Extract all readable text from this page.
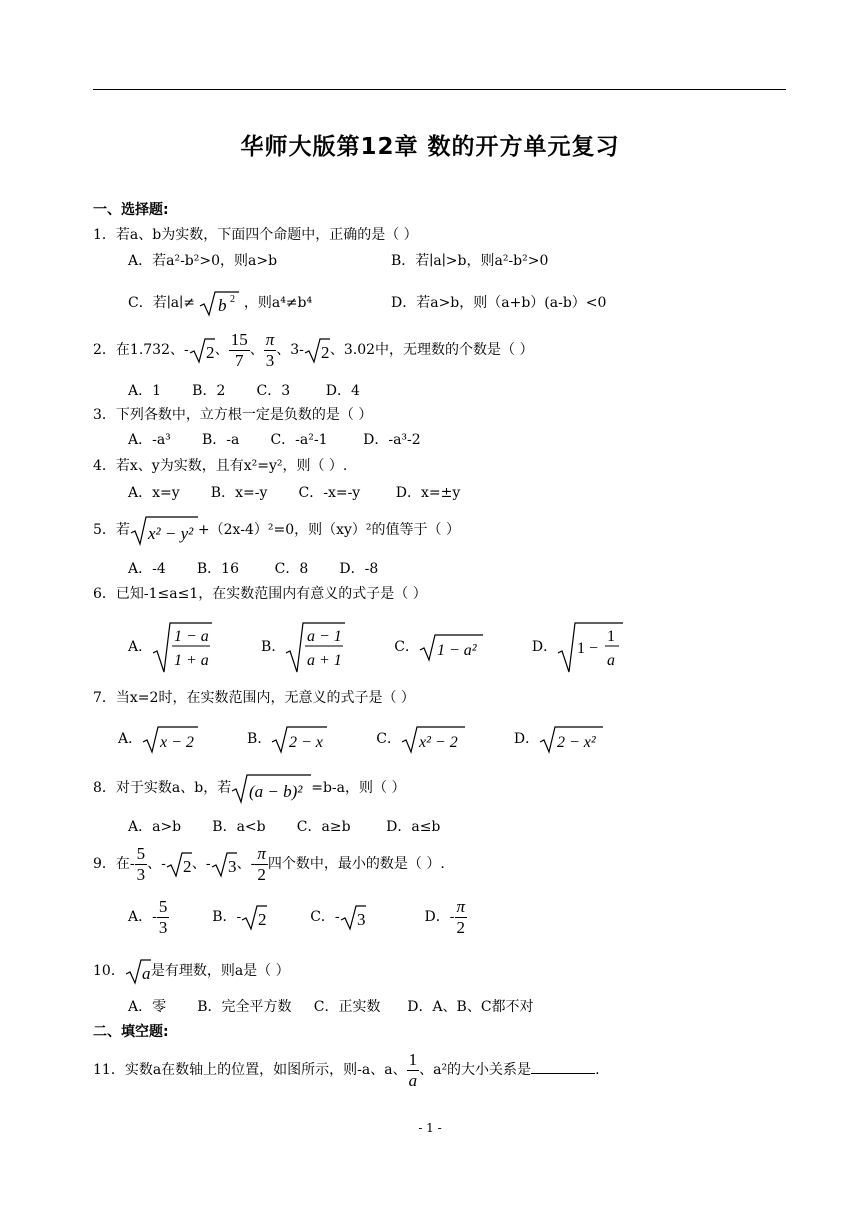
华师大版第12章 数的开方单元复习
一、选择题:
1．若a、b为实数，下面四个命题中，正确的是（ ）
A．若a²-b²>0，则a>b	B．若∣a∣>b，则a²-b²>0
C．若∣a∣≠ b 2 ，则a⁴≠b⁴	D．若a>b，则（a+b）(a-b）<0
2．在1.732、- 2 、 $\frac{15}{7}$ 、 $\frac{\pi}{3}$ 、3- 2 、3.02中，无理数的个数是（ ）
A．1       B．2       C．3        D．4
3．下列各数中，立方根一定是负数的是（ ）
A．-a³       B．-a       C．-a²-1        D．-a³-2
4．若x、y为实数，且有x²=y²，则（ ）.
A．x=y       B．x=-y       C．-x=-y        D．x=±y
5．若 x² − y² +（2x-4）²=0，则（xy）²的值等于（ ）
A．-4       B．16        C．8       D．-8
6．已知-1≤a≤1，在实数范围内有意义的式子是（ ）
A．
1 − a
1 + a
B．
a − 1
a + 1
C． 1 − a²	D． 1 −
1
a
7．当x=2时，在实数范围内，无意义的式子是（ ）
A． x − 2	B． 2 − x	C． x² − 2	D． 2 − x²
8．对于实数a、b，若 (a − b)² =b-a，则（ ）
A．a>b       B．a<b       C．a≥b        D．a≤b
9．在- $\frac{5}{3}$ 、- 2 、- 3 、- $\frac{\pi}{2}$ 四个数中，最小的数是（ ）.
A．- $\frac{5}{3}$	B．- 2	C．- 3	D．- $\frac{\pi}{2}$
10． a 是有理数，则a是（ ）
A．零       B．完全平方数     C．正实数      D．A、B、C都不对
二、填空题:
11．实数a在数轴上的位置，如图所示，则-a、a、 $\frac{1}{a}$ 、a²的大小关系是	.
- 1 -
